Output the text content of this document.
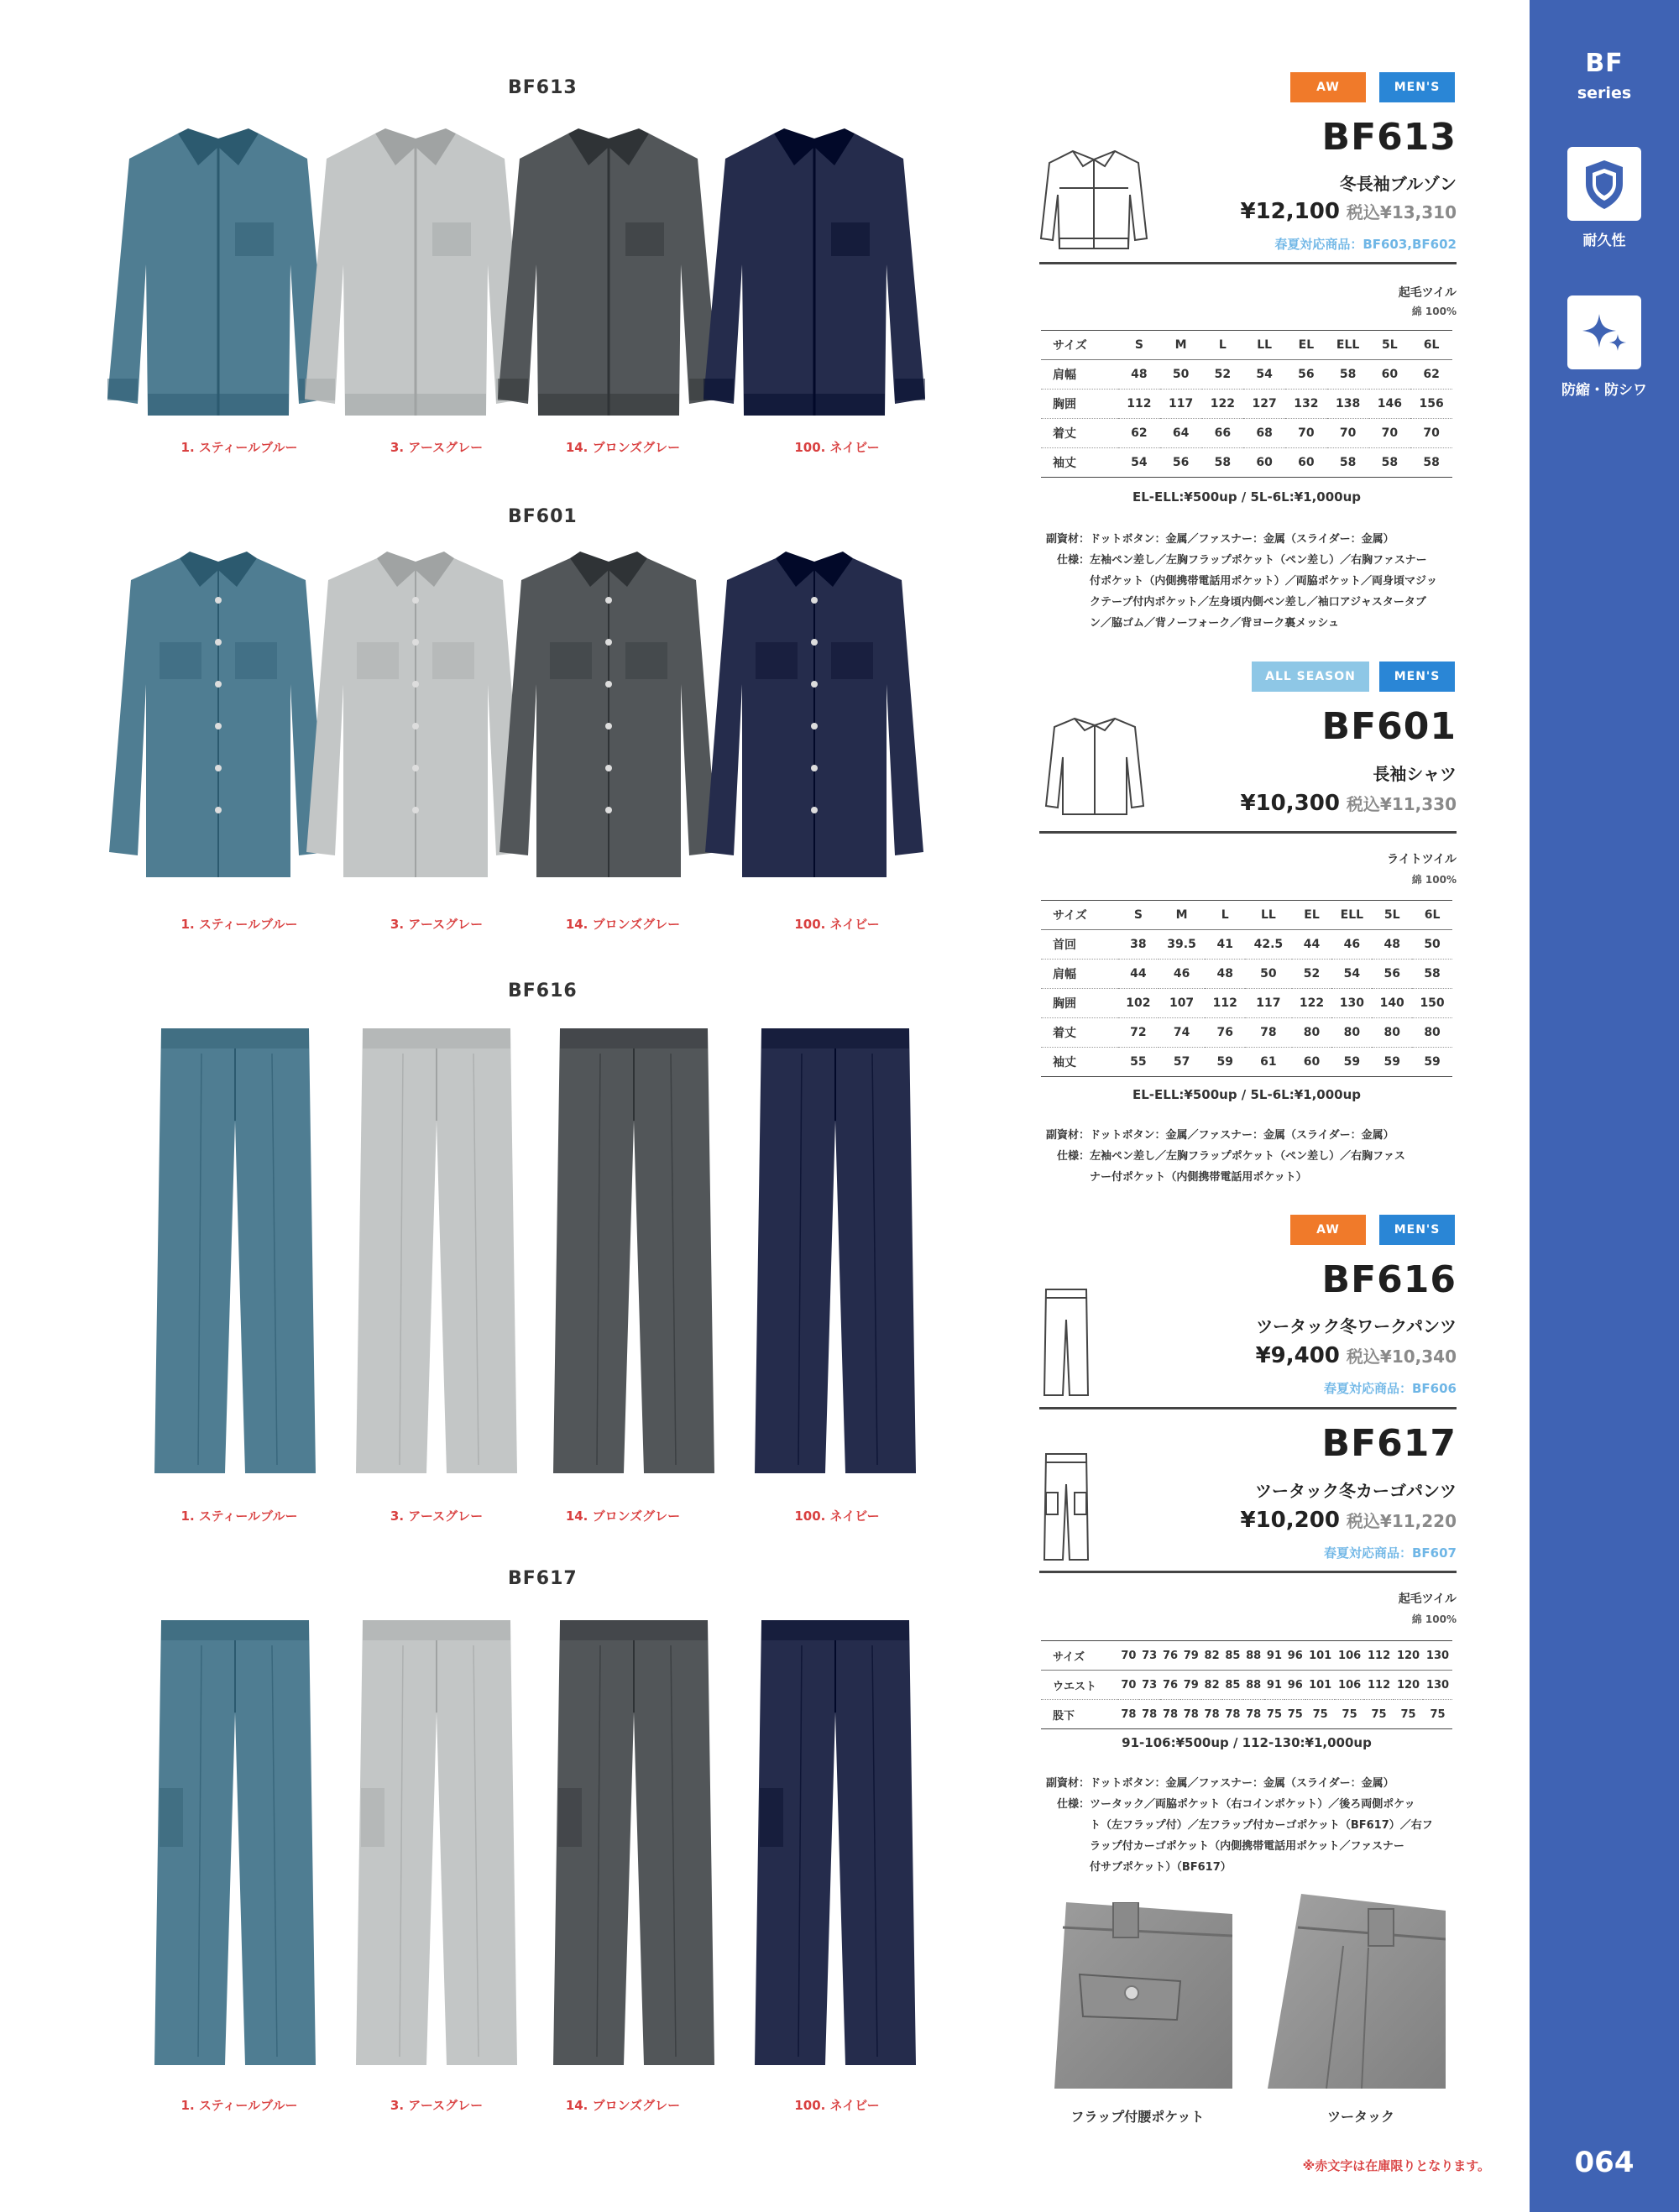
BF
series
耐久性
防縮・防シワ
064
BF613
1. スティールブルー	3. アースグレー	14. ブロンズグレー	100. ネイビー
BF601
1. スティールブルー	3. アースグレー	14. ブロンズグレー	100. ネイビー
BF616
1. スティールブルー	3. アースグレー	14. ブロンズグレー	100. ネイビー
BF617
1. スティールブルー	3. アースグレー	14. ブロンズグレー	100. ネイビー
AW	MEN'S
BF613
冬長袖ブルゾン
¥12,100 税込¥13,310
春夏対応商品：BF603,BF602
起毛ツイル
綿 100%
サイズ	S	M	L	LL	EL	ELL	5L	6L
肩幅	48	50	52	54	56	58	60	62
胸囲	112	117	122	127	132	138	146	156
着丈	62	64	66	68	70	70	70	70
袖丈	54	56	58	60	60	58	58	58
EL-ELL:¥500up / 5L-6L:¥1,000up
副資材： ドットボタン：金属／ファスナー：金属（スライダー：金属）
仕様： 左袖ペン差し／左胸フラップポケット（ペン差し）／右胸ファスナー
付ポケット（内側携帯電話用ポケット）／両脇ポケット／両身頃マジッ
クテープ付内ポケット／左身頃内側ペン差し／袖口アジャスタータブ
ン／脇ゴム／背ノーフォーク／背ヨーク裏メッシュ
ALL SEASON	MEN'S
BF601
長袖シャツ
¥10,300 税込¥11,330
ライトツイル
綿 100%
サイズ	S	M	L	LL	EL	ELL	5L	6L
首回	38	39.5	41	42.5	44	46	48	50
肩幅	44	46	48	50	52	54	56	58
胸囲	102	107	112	117	122	130	140	150
着丈	72	74	76	78	80	80	80	80
袖丈	55	57	59	61	60	59	59	59
EL-ELL:¥500up / 5L-6L:¥1,000up
副資材： ドットボタン：金属／ファスナー：金属（スライダー：金属）
仕様： 左袖ペン差し／左胸フラップポケット（ペン差し）／右胸ファス
ナー付ポケット（内側携帯電話用ポケット）
AW	MEN'S
BF616
ツータック冬ワークパンツ
¥9,400 税込¥10,340
春夏対応商品：BF606
BF617
ツータック冬カーゴパンツ
¥10,200 税込¥11,220
春夏対応商品：BF607
起毛ツイル
綿 100%
サイズ	70	73	76	79	82	85	88	91	96	101	106	112	120	130
ウエスト	70	73	76	79	82	85	88	91	96	101	106	112	120	130
股下	78	78	78	78	78	78	78	75	75	75	75	75	75	75
91-106:¥500up / 112-130:¥1,000up
副資材： ドットボタン：金属／ファスナー：金属（スライダー：金属）
仕様： ツータック／両脇ポケット（右コインポケット）／後ろ両側ポケッ
ト（左フラップ付）／左フラップ付カーゴポケット（BF617）／右フ
ラップ付カーゴポケット（内側携帯電話用ポケット／ファスナー
付サブポケット）（BF617）
フラップ付腰ポケット	ツータック
※赤文字は在庫限りとなります。
